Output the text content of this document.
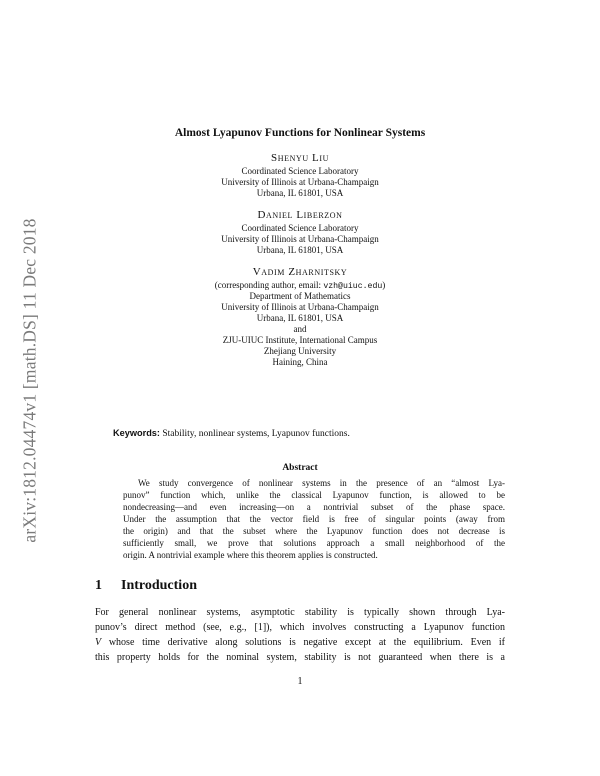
arXiv:1812.04474v1 [math.DS] 11 Dec 2018
Almost Lyapunov Functions for Nonlinear Systems
Shenyu Liu
Coordinated Science Laboratory
University of Illinois at Urbana-Champaign
Urbana, IL 61801, USA
Daniel Liberzon
Coordinated Science Laboratory
University of Illinois at Urbana-Champaign
Urbana, IL 61801, USA
Vadim Zharnitsky
(corresponding author, email: vzh@uiuc.edu)
Department of Mathematics
University of Illinois at Urbana-Champaign
Urbana, IL 61801, USA
and
ZJU-UIUC Institute, International Campus
Zhejiang University
Haining, China
Keywords: Stability, nonlinear systems, Lyapunov functions.
Abstract
We study convergence of nonlinear systems in the presence of an “almost Lya-
punov” function which, unlike the classical Lyapunov function, is allowed to be
nondecreasing—and even increasing—on a nontrivial subset of the phase space.
Under the assumption that the vector field is free of singular points (away from
the origin) and that the subset where the Lyapunov function does not decrease is
sufficiently small, we prove that solutions approach a small neighborhood of the
origin. A nontrivial example where this theorem applies is constructed.
1 Introduction
For general nonlinear systems, asymptotic stability is typically shown through Lya-
punov’s direct method (see, e.g., [1]), which involves constructing a Lyapunov function
V whose time derivative along solutions is negative except at the equilibrium. Even if
this property holds for the nominal system, stability is not guaranteed when there is a
1
